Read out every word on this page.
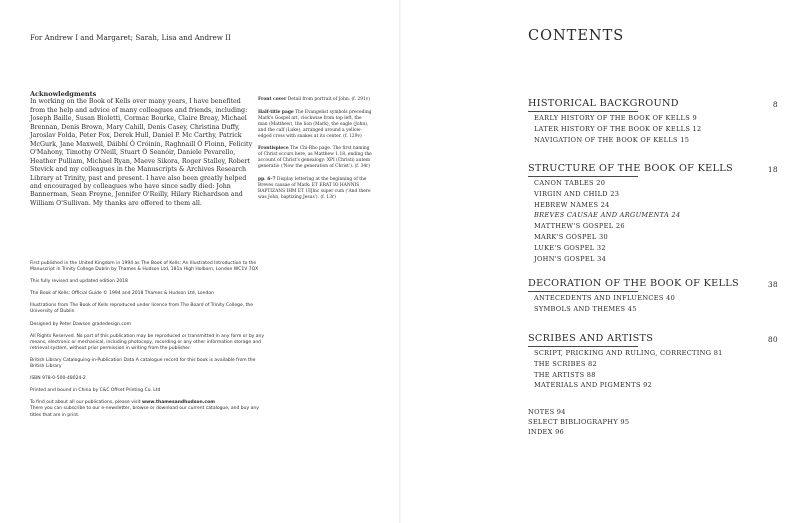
For Andrew I and Margaret; Sarah, Lisa and Andrew II
Acknowledgments
In working on the Book of Kells over many years, I have benefited from the help and advice of many colleagues and friends, including: Joseph Baille, Susan Bioletti, Cormac Bourke, Claire Breay, Michael Brennan, Denis Brown, Mary Cahill, Denis Casey, Christina Duffy, Jaroslav Folda, Peter Fox, Derek Hull, Daniel P. Mc Carthy, Patrick McGurk, Jane Maxwell, Dáibhí Ó Cróinín, Raghnaill Ó Floinn, Felicity O'Mahony, Timothy O'Neill, Stuart Ó Seanóir, Daniele Pevarello, Heather Pulliam, Michael Ryan, Maeve Sikora, Roger Stalley, Robert Stevick and my colleagues in the Manuscripts & Archives Research Library at Trinity, past and present. I have also been greatly helped and encouraged by colleagues who have since sadly died: John Bannerman, Sean Freyne, Jennifer O'Reilly, Hilary Richardson and William O'Sullivan. My thanks are offered to them all.

Front cover Detail from portrait of John. (f. 291v)

Half-title page The Evangelist symbols preceding Mark's Gospel art, clockwise from top left, the man (Matthew), the lion (Mark), the eagle (John), and the calf (Luke), arranged around a yellow-edged cross with snakes at its center. (f. 129v)

Frontispiece The Chi-Rho page. The first naming of Christ occurs here, as Matthew 1.18, ending the account of Christ's genealogy: XPI (Christi) autem generatio ('Now the generation of Christ'). (f. 34r)

pp. 6–7 Display lettering at the beginning of the Breves causae of Mark: ET ERAT IO HANNIS BAPTIZANS IHM ET UI[lnc super cum ('And there was John, baptizing Jesus'). (f. 13r)

First published in the United Kingdom in 1994 as The Book of Kells: An Illustrated Introduction to the Manuscript in Trinity College Dublin by Thames & Hudson Ltd, 181a High Holborn, London WC1V 7QX

This fully revised and updated edition 2018

The Book of Kells: Official Guide © 1994 and 2018 Thames & Hudson Ltd, London

Illustrations from The Book of Kells reproduced under licence from The Board of Trinity College, the University of Dublin

Designed by Peter Dawson gradedesign.com

All Rights Reserved. No part of this publication may be reproduced or transmitted in any form or by any means, electronic or mechanical, including photocopy, recording or any other information storage and retrieval system, without prior permission in writing from the publisher.

British Library Cataloguing-in-Publication Data A catalogue record for this book is available from the British Library

ISBN 978-0-500-48024-2

Printed and bound in China by C&C Offset Printing Co. Ltd

To find out about all our publications, please visit www.thamesandhudson.com
There you can subscribe to our e-newsletter, browse or download our current catalogue, and buy any titles that are in print.

CONTENTS
HISTORICAL BACKGROUND	8
EARLY HISTORY OF THE BOOK OF KELLS 9
LATER HISTORY OF THE BOOK OF KELLS 12
NAVIGATION OF THE BOOK OF KELLS 15
STRUCTURE OF THE BOOK OF KELLS	18
CANON TABLES 20
VIRGIN AND CHILD 23
HEBREW NAMES 24
BREVES CAUSAE AND ARGUMENTA 24
MATTHEW'S GOSPEL 26
MARK'S GOSPEL 30
LUKE'S GOSPEL 32
JOHN'S GOSPEL 34
DECORATION OF THE BOOK OF KELLS	38
ANTECEDENTS AND INFLUENCES 40
SYMBOLS AND THEMES 45
SCRIBES AND ARTISTS	80
SCRIPT, PRICKING AND RULING, CORRECTING 81
THE SCRIBES 82
THE ARTISTS 88
MATERIALS AND PIGMENTS 92
NOTES 94
SELECT BIBLIOGRAPHY 95
INDEX 96
